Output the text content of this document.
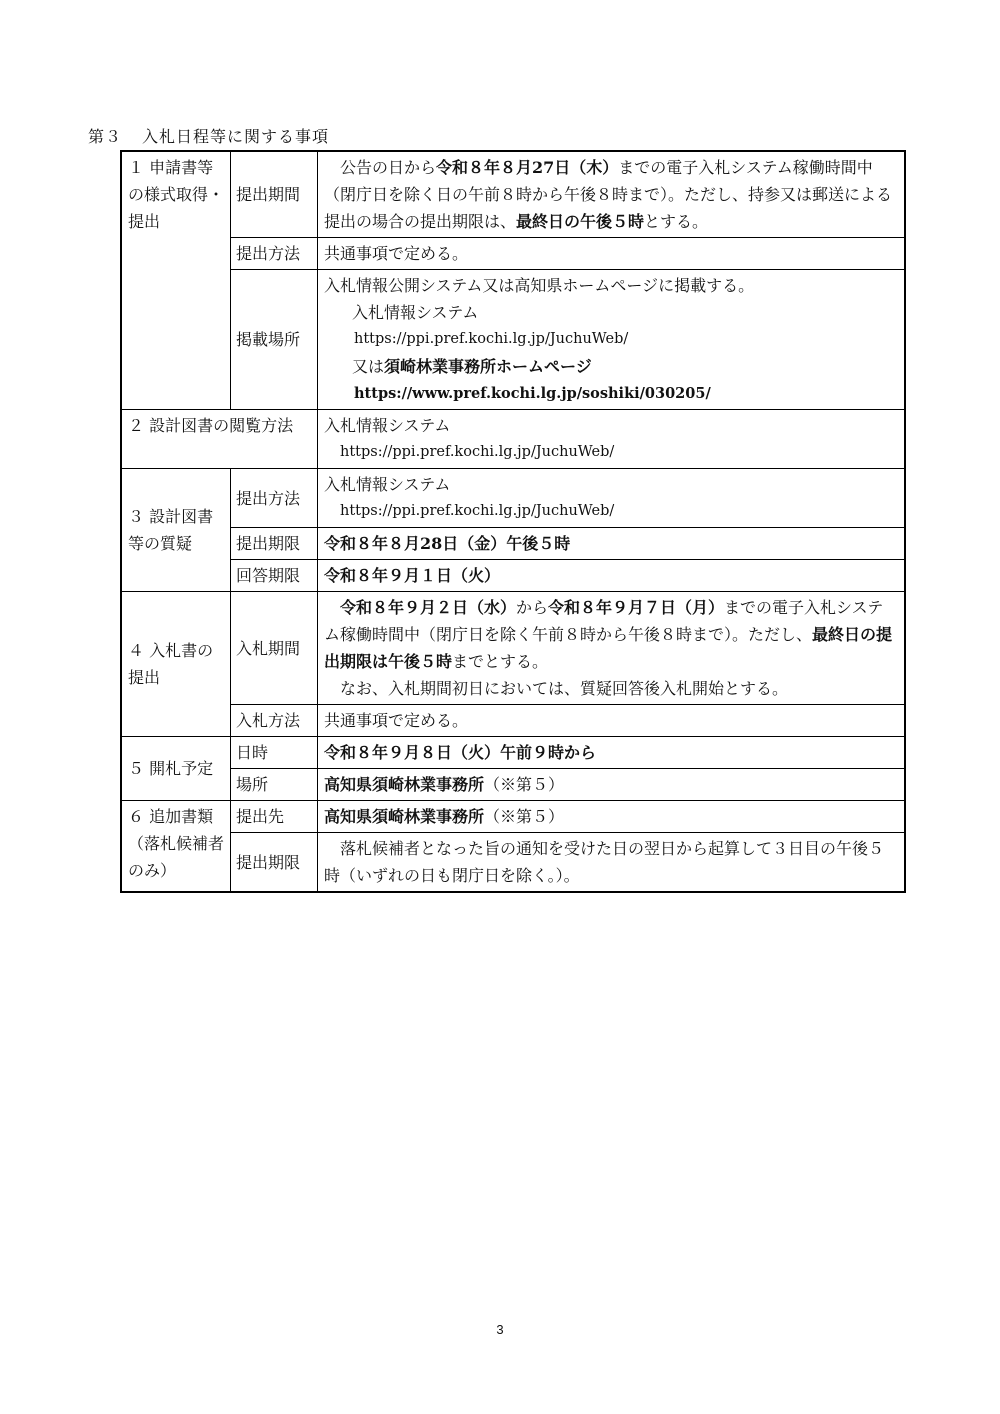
第３ 入札日程等に関する事項
１ 申請書等の様式取得・提出	提出期間	公告の日から令和８年８月27日（木）までの電子入札システム稼働時間中（閉庁日を除く日の午前８時から午後８時まで）。ただし、持参又は郵送による提出の場合の提出期限は、最終日の午後５時とする。
	提出方法	共通事項で定める。
	掲載場所	入札情報公開システム又は高知県ホームページに掲載する。
入札情報システム
https://ppi.pref.kochi.lg.jp/JuchuWeb/
又は須崎林業事務所ホームページ
https://www.pref.kochi.lg.jp/soshiki/030205/

２ 設計図書の閲覧方法		入札情報システム
https://ppi.pref.kochi.lg.jp/JuchuWeb/

３ 設計図書等の質疑	提出方法	入札情報システム
https://ppi.pref.kochi.lg.jp/JuchuWeb/

	提出期限	令和８年８月28日（金）午後５時
	回答期限	令和８年９月１日（火）
４ 入札書の提出	入札期間	令和８年９月２日（水）から令和８年９月７日（月）までの電子入札システム稼働時間中（閉庁日を除く午前８時から午後８時まで）。ただし、最終日の提出期限は午後５時までとする。
なお、入札期間初日においては、質疑回答後入札開始とする。

	入札方法	共通事項で定める。
５ 開札予定	日時	令和８年９月８日（火）午前９時から
	場所	高知県須崎林業事務所（※第５）
６ 追加書類（落札候補者のみ）	提出先	高知県須崎林業事務所（※第５）
	提出期限	落札候補者となった旨の通知を受けた日の翌日から起算して３日目の午後５時（いずれの日も閉庁日を除く。）。
3
